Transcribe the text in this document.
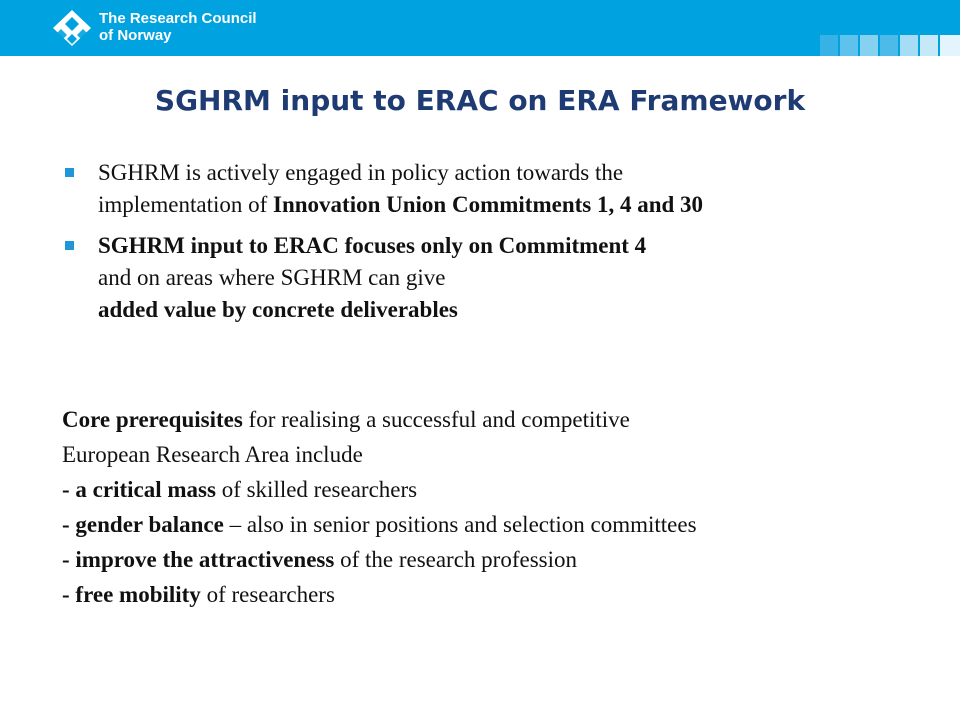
The Research Council
of Norway
SGHRM input to ERAC on ERA Framework
SGHRM is actively engaged in policy action towards the
implementation of Innovation Union Commitments 1, 4 and 30
SGHRM input to ERAC focuses only on Commitment 4
and on areas where SGHRM can give
added value by concrete deliverables
Core prerequisites for realising a successful and competitive
European Research Area include
- a critical mass of skilled researchers
- gender balance – also in senior positions and selection committees
- improve the attractiveness of the research profession
- free mobility of researchers
